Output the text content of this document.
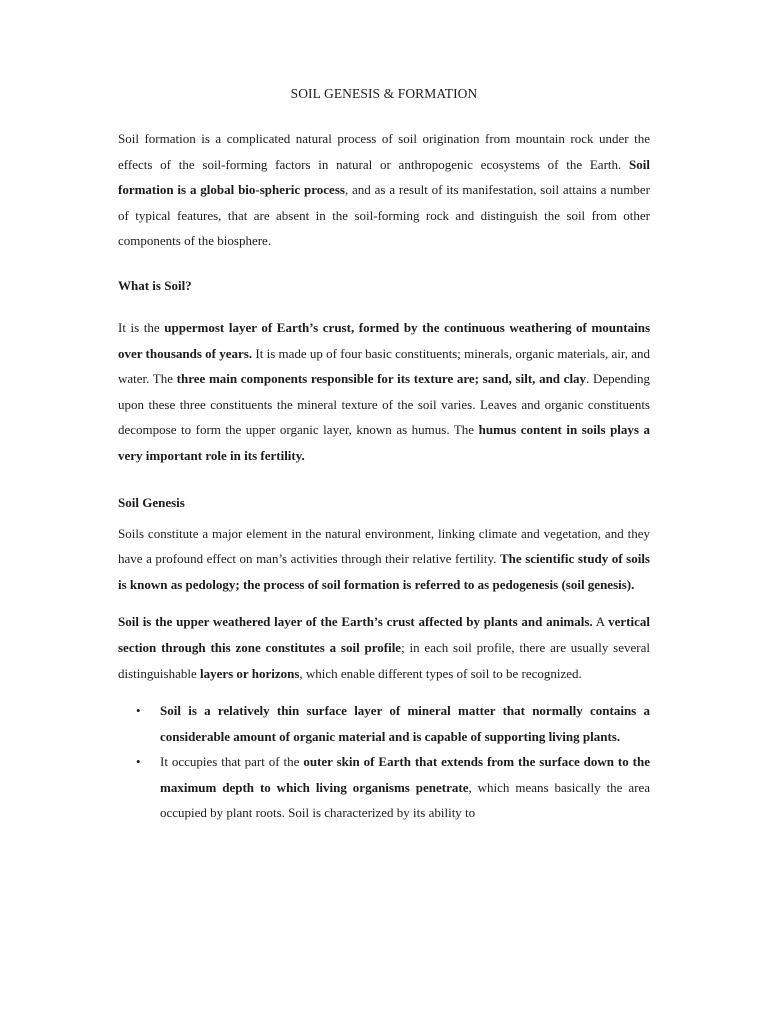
SOIL GENESIS & FORMATION

Soil formation is a complicated natural process of soil origination from mountain rock under the effects of the soil-forming factors in natural or anthropogenic ecosystems of the Earth. Soil formation is a global bio-spheric process, and as a result of its manifestation, soil attains a number of typical features, that are absent in the soil-forming rock and distinguish the soil from other components of the biosphere.

What is Soil?

It is the uppermost layer of Earth’s crust, formed by the continuous weathering of mountains over thousands of years. It is made up of four basic constituents; minerals, organic materials, air, and water. The three main components responsible for its texture are; sand, silt, and clay. Depending upon these three constituents the mineral texture of the soil varies. Leaves and organic constituents decompose to form the upper organic layer, known as humus. The humus content in soils plays a very important role in its fertility.

Soil Genesis

Soils constitute a major element in the natural environment, linking climate and vegetation, and they have a profound effect on man’s activities through their relative fertility. The scientific study of soils is known as pedology; the process of soil formation is referred to as pedogenesis (soil genesis).

Soil is the upper weathered layer of the Earth’s crust affected by plants and animals. A vertical section through this zone constitutes a soil profile; in each soil profile, there are usually several distinguishable layers or horizons, which enable different types of soil to be recognized.

• Soil is a relatively thin surface layer of mineral matter that normally contains a considerable amount of organic material and is capable of supporting living plants.
• It occupies that part of the outer skin of Earth that extends from the surface down to the maximum depth to which living organisms penetrate, which means basically the area occupied by plant roots. Soil is characterized by its ability to
